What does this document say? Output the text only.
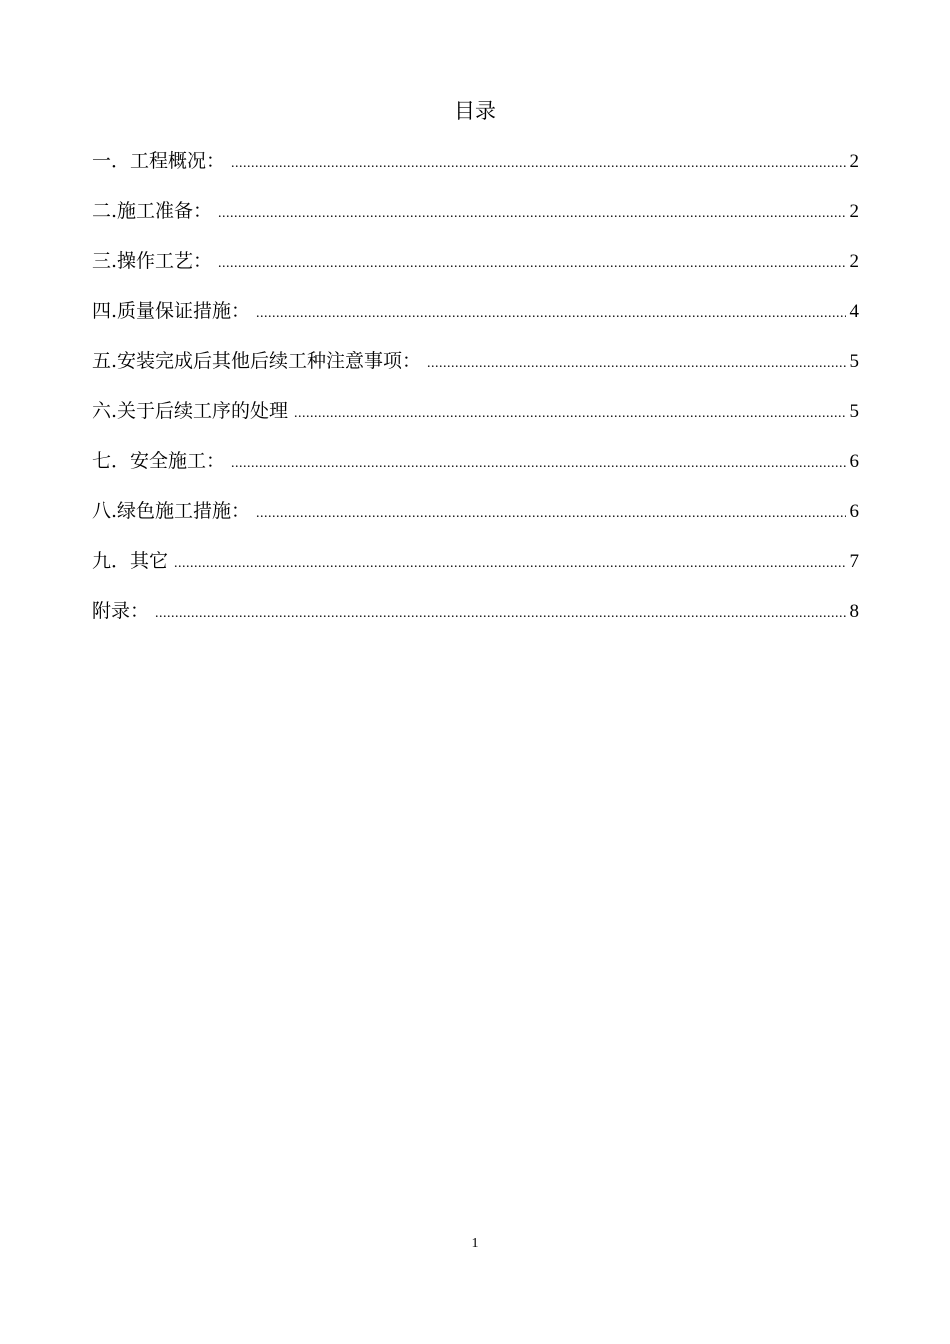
目录
一．工程概况： .....	2
二.施工准备： .....	2
三.操作工艺： .....	2
四.质量保证措施： .....	4
五.安装完成后其他后续工种注意事项： .....	5
六.关于后续工序的处理 .....	5
七．安全施工： .....	6
八.绿色施工措施： .....	6
九．其它 .....	7
附录： .....	8
1
